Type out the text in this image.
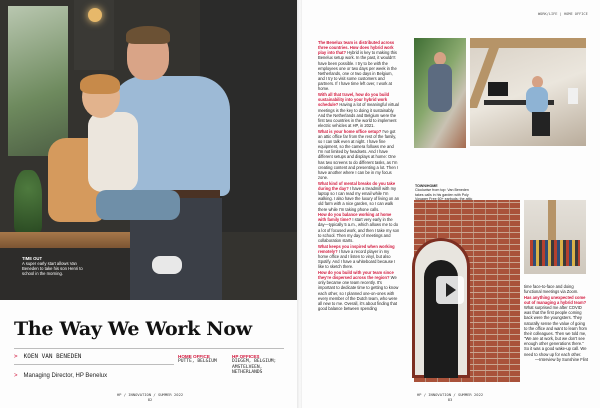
TIME OUT
A super early start allows Van Beneden to take his son Henri to school in the morning.
The Way We Work Now
> KOEN VAN BENEDEN
> Managing Director, HP Benelux
HOME OFFICE
PUTTE, BELGIUM
HP OFFICES
DIEGEM, BELGIUM; AMSTELVEEN, NETHERLANDS
HP / INNOVATION / SUMMER 2022
82
WORK/LIFE | HOME OFFICE

The Benelux team is distributed across three countries. How does hybrid work play into that? Hybrid is key to making this Benelux setup work. In the past, it wouldn't have been possible. I try to be with the employees one or two days per week in the Netherlands, one or two days in Belgium, and I try to visit some customers and partners. If I have time left over, I work at home.

With all that travel, how do you build sustainability into your hybrid work schedule? Having a lot of meaningful virtual meetings is the key to doing it sustainably. And the Netherlands and Belgium were the first two countries in the world to implement electric vehicles at HP, in 2021.

What is your home office setup? I've got an attic office far from the rest of the family, so I can talk even at night. I have fine equipment, so the camera follows me and I'm not limited by headsets. And I have different setups and displays at home: One has two screens to do different tasks, as I'm creating content and presenting a lot. Then I have another where I can be in my focus zone.

What kind of mental breaks do you take during the day? I have a treadmill with my laptop so I can read my email while I'm walking. I also have the luxury of living on an old farm with a nice garden, so I can walk there while I'm taking phone calls.

How do you balance working at home with family time? I start very early in the day—typically 5 a.m., which allows me to do a lot of focused work, and then I take my son to school. Then my day of meetings and collaboration starts.

What keeps you inspired when working remotely? I have a record player in my home office and I listen to vinyl, but also Spotify. And I have a whiteboard because I like to sketch there.

How do you build with your team since they're dispersed across the region? We only became one team recently. It's important to dedicate time to getting to know each other, so I planned one-on-ones with every member of the Dutch team, who were all new to me. Overall, it's about finding that good balance between spending

TOWN/HOME
Clockwise from top: Van Beneden takes calls in his garden with Poly

time face-to-face and doing functional meetings via Zoom.

Has anything unexpected come out of managing a hybrid team? What surprised me after COVID was that the first people coming back were the youngsters. They naturally sense the value of going to the office and want to learn from their colleagues. Then we told me, "We are at work, but we don't see enough other generations there." So it was a good wake-up call. We need to show up for each other.

—Interview by Sunshine Flint

HP / INNOVATION / SUMMER 2022
83
